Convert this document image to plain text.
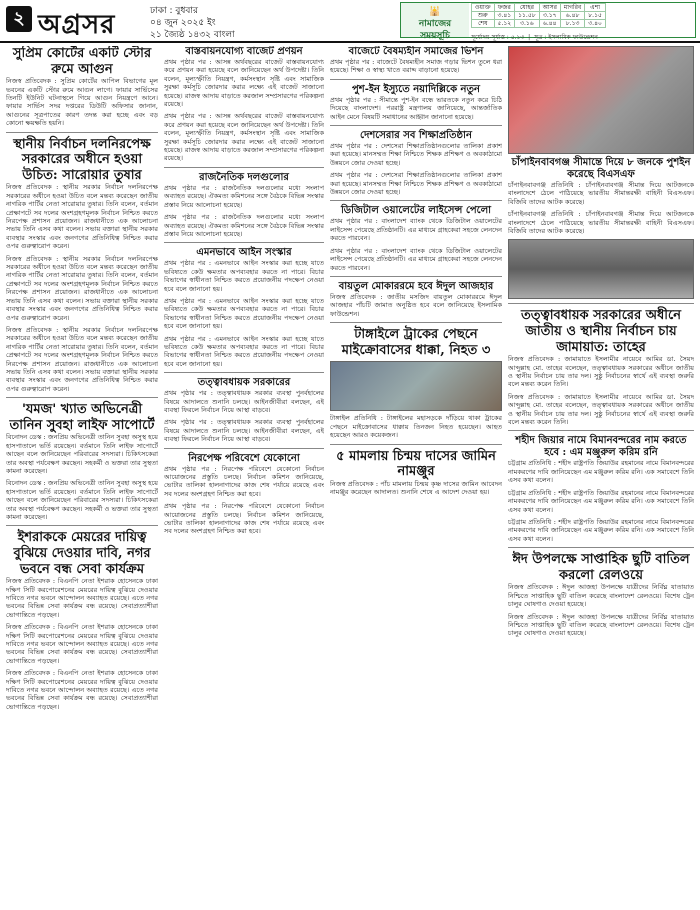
২ অগ্রসর	ঢাকা : বুধবার
০৪ জুন ২০২৫ ইং
২১ জ্যৈষ্ঠ ১৪৩২ বাংলা
🕌
নামাজের
সময়সূচি
ওয়াক্ত	ফজর	যোহর	আসর	মাগরিব	এশা
শুরু	৩.৪১	১১.৫৮	৩.১৭	৬.৪৮	৮.১৫
শেষ	৫.১২	৩.১৬	৬.৪৪	৮.১৩	৩.৪০
সূর্যোদয়-সূর্যাস্ত : ৫.১৩  |  সূত্র : ইসলামিক ফাউন্ডেশন
সুপ্রিম কোর্টের একটি স্টোর রুমে আগুন
নিজস্ব প্রতিবেদক : সুপ্রিম কোর্টের আপিল বিভাগের মূল ভবনের একটি স্টোর রুমে আগুন লাগে। ফায়ার সার্ভিসের তিনটি ইউনিট ঘটনাস্থলে গিয়ে আগুন নিয়ন্ত্রণে আনে। ফায়ার সার্ভিস সদর দপ্তরের ডিউটি অফিসার জানান, আগুনের সূত্রপাতের কারণ তদন্ত করা হচ্ছে এবং বড় কোনো ক্ষয়ক্ষতি হয়নি।
স্থানীয় নির্বাচন দলনিরপেক্ষ সরকারের অধীনে হওয়া উচিত: সারোয়ার তুষার
নিজস্ব প্রতিবেদক : স্থানীয় সরকার নির্বাচন দলনিরপেক্ষ সরকারের অধীনে হওয়া উচিত বলে মন্তব্য করেছেন জাতীয় নাগরিক পার্টির নেতা সারোয়ার তুষার। তিনি বলেন, বর্তমান প্রেক্ষাপটে সব দলের অংশগ্রহণমূলক নির্বাচন নিশ্চিত করতে নিরপেক্ষ প্রশাসন প্রয়োজন। রাজধানীতে এক আলোচনা সভায় তিনি এসব কথা বলেন। সভায় বক্তারা স্থানীয় সরকার ব্যবস্থার সংস্কার এবং জনগণের প্রতিনিধিত্ব নিশ্চিত করার ওপর গুরুত্বারোপ করেন।
নিজস্ব প্রতিবেদক : স্থানীয় সরকার নির্বাচন দলনিরপেক্ষ সরকারের অধীনে হওয়া উচিত বলে মন্তব্য করেছেন জাতীয় নাগরিক পার্টির নেতা সারোয়ার তুষার। তিনি বলেন, বর্তমান প্রেক্ষাপটে সব দলের অংশগ্রহণমূলক নির্বাচন নিশ্চিত করতে নিরপেক্ষ প্রশাসন প্রয়োজন। রাজধানীতে এক আলোচনা সভায় তিনি এসব কথা বলেন। সভায় বক্তারা স্থানীয় সরকার ব্যবস্থার সংস্কার এবং জনগণের প্রতিনিধিত্ব নিশ্চিত করার ওপর গুরুত্বারোপ করেন।
নিজস্ব প্রতিবেদক : স্থানীয় সরকার নির্বাচন দলনিরপেক্ষ সরকারের অধীনে হওয়া উচিত বলে মন্তব্য করেছেন জাতীয় নাগরিক পার্টির নেতা সারোয়ার তুষার। তিনি বলেন, বর্তমান প্রেক্ষাপটে সব দলের অংশগ্রহণমূলক নির্বাচন নিশ্চিত করতে নিরপেক্ষ প্রশাসন প্রয়োজন। রাজধানীতে এক আলোচনা সভায় তিনি এসব কথা বলেন। সভায় বক্তারা স্থানীয় সরকার ব্যবস্থার সংস্কার এবং জনগণের প্রতিনিধিত্ব নিশ্চিত করার ওপর গুরুত্বারোপ করেন।
'যমজ' খ্যাত অভিনেত্রী তানিন সুবহা লাইফ সাপোর্টে
বিনোদন ডেস্ক : জনপ্রিয় অভিনেত্রী তানিন সুবহা অসুস্থ হয়ে হাসপাতালে ভর্তি রয়েছেন। বর্তমানে তিনি লাইফ সাপোর্টে আছেন বলে জানিয়েছেন পরিবারের সদস্যরা। চিকিৎসকেরা তার অবস্থা পর্যবেক্ষণ করছেন। সহকর্মী ও ভক্তরা তার সুস্থতা কামনা করেছেন।
বিনোদন ডেস্ক : জনপ্রিয় অভিনেত্রী তানিন সুবহা অসুস্থ হয়ে হাসপাতালে ভর্তি রয়েছেন। বর্তমানে তিনি লাইফ সাপোর্টে আছেন বলে জানিয়েছেন পরিবারের সদস্যরা। চিকিৎসকেরা তার অবস্থা পর্যবেক্ষণ করছেন। সহকর্মী ও ভক্তরা তার সুস্থতা কামনা করেছেন।
ইশরাককে মেয়রের দায়িত্ব বুঝিয়ে দেওয়ার দাবি, নগর ভবনে বন্ধ সেবা কার্যক্রম
নিজস্ব প্রতিবেদক : বিএনপি নেতা ইশরাক হোসেনকে ঢাকা দক্ষিণ সিটি করপোরেশনের মেয়রের দায়িত্ব বুঝিয়ে দেওয়ার দাবিতে নগর ভবনে আন্দোলন অব্যাহত রয়েছে। এতে নগর ভবনের বিভিন্ন সেবা কার্যক্রম বন্ধ রয়েছে। সেবাপ্রত্যাশীরা ভোগান্তিতে পড়ছেন।
নিজস্ব প্রতিবেদক : বিএনপি নেতা ইশরাক হোসেনকে ঢাকা দক্ষিণ সিটি করপোরেশনের মেয়রের দায়িত্ব বুঝিয়ে দেওয়ার দাবিতে নগর ভবনে আন্দোলন অব্যাহত রয়েছে। এতে নগর ভবনের বিভিন্ন সেবা কার্যক্রম বন্ধ রয়েছে। সেবাপ্রত্যাশীরা ভোগান্তিতে পড়ছেন।
নিজস্ব প্রতিবেদক : বিএনপি নেতা ইশরাক হোসেনকে ঢাকা দক্ষিণ সিটি করপোরেশনের মেয়রের দায়িত্ব বুঝিয়ে দেওয়ার দাবিতে নগর ভবনে আন্দোলন অব্যাহত রয়েছে। এতে নগর ভবনের বিভিন্ন সেবা কার্যক্রম বন্ধ রয়েছে। সেবাপ্রত্যাশীরা ভোগান্তিতে পড়ছেন।
বাস্তবায়নযোগ্য বাজেট প্রণয়ন
প্রথম পৃষ্ঠার পর : আসন্ন অর্থবছরের বাজেট বাস্তবায়নযোগ্য করে প্রণয়ন করা হয়েছে বলে জানিয়েছেন অর্থ উপদেষ্টা। তিনি বলেন, মূল্যস্ফীতি নিয়ন্ত্রণ, কর্মসংস্থান সৃষ্টি এবং সামাজিক সুরক্ষা কর্মসূচি জোরদার করার লক্ষ্যে এই বাজেট সাজানো হয়েছে। রাজস্ব আদায় বাড়াতে করজাল সম্প্রসারণের পরিকল্পনা রয়েছে।
প্রথম পৃষ্ঠার পর : আসন্ন অর্থবছরের বাজেট বাস্তবায়নযোগ্য করে প্রণয়ন করা হয়েছে বলে জানিয়েছেন অর্থ উপদেষ্টা। তিনি বলেন, মূল্যস্ফীতি নিয়ন্ত্রণ, কর্মসংস্থান সৃষ্টি এবং সামাজিক সুরক্ষা কর্মসূচি জোরদার করার লক্ষ্যে এই বাজেট সাজানো হয়েছে। রাজস্ব আদায় বাড়াতে করজাল সম্প্রসারণের পরিকল্পনা রয়েছে।
রাজনৈতিক দলগুলোর
প্রথম পৃষ্ঠার পর : রাজনৈতিক দলগুলোর মধ্যে সংলাপ অব্যাহত রয়েছে। ঐকমত্য কমিশনের সঙ্গে বৈঠকে বিভিন্ন সংস্কার প্রস্তাব নিয়ে আলোচনা হয়েছে।
প্রথম পৃষ্ঠার পর : রাজনৈতিক দলগুলোর মধ্যে সংলাপ অব্যাহত রয়েছে। ঐকমত্য কমিশনের সঙ্গে বৈঠকে বিভিন্ন সংস্কার প্রস্তাব নিয়ে আলোচনা হয়েছে।
এমনভাবে আইন সংস্কার
প্রথম পৃষ্ঠার পর : এমনভাবে আইন সংস্কার করা হচ্ছে যাতে ভবিষ্যতে কেউ ক্ষমতার অপব্যবহার করতে না পারে। বিচার বিভাগের স্বাধীনতা নিশ্চিত করতে প্রয়োজনীয় পদক্ষেপ নেওয়া হবে বলে জানানো হয়।
প্রথম পৃষ্ঠার পর : এমনভাবে আইন সংস্কার করা হচ্ছে যাতে ভবিষ্যতে কেউ ক্ষমতার অপব্যবহার করতে না পারে। বিচার বিভাগের স্বাধীনতা নিশ্চিত করতে প্রয়োজনীয় পদক্ষেপ নেওয়া হবে বলে জানানো হয়।
প্রথম পৃষ্ঠার পর : এমনভাবে আইন সংস্কার করা হচ্ছে যাতে ভবিষ্যতে কেউ ক্ষমতার অপব্যবহার করতে না পারে। বিচার বিভাগের স্বাধীনতা নিশ্চিত করতে প্রয়োজনীয় পদক্ষেপ নেওয়া হবে বলে জানানো হয়।
তত্ত্বাবধায়ক সরকারের
প্রথম পৃষ্ঠার পর : তত্ত্বাবধায়ক সরকার ব্যবস্থা পুনর্বহালের বিষয়ে আদালতে শুনানি চলছে। আইনজীবীরা বলছেন, এই ব্যবস্থা ফিরলে নির্বাচন নিয়ে আস্থা বাড়বে।
প্রথম পৃষ্ঠার পর : তত্ত্বাবধায়ক সরকার ব্যবস্থা পুনর্বহালের বিষয়ে আদালতে শুনানি চলছে। আইনজীবীরা বলছেন, এই ব্যবস্থা ফিরলে নির্বাচন নিয়ে আস্থা বাড়বে।
নিরপেক্ষ পরিবেশে যেকোনো
প্রথম পৃষ্ঠার পর : নিরপেক্ষ পরিবেশে যেকোনো নির্বাচন আয়োজনের প্রস্তুতি চলছে। নির্বাচন কমিশন জানিয়েছে, ভোটার তালিকা হালনাগাদের কাজ শেষ পর্যায়ে রয়েছে এবং সব দলের অংশগ্রহণ নিশ্চিত করা হবে।
প্রথম পৃষ্ঠার পর : নিরপেক্ষ পরিবেশে যেকোনো নির্বাচন আয়োজনের প্রস্তুতি চলছে। নির্বাচন কমিশন জানিয়েছে, ভোটার তালিকা হালনাগাদের কাজ শেষ পর্যায়ে রয়েছে এবং সব দলের অংশগ্রহণ নিশ্চিত করা হবে।
বাজেটে বৈষম্যহীন সমাজের ভিশন
প্রথম পৃষ্ঠার পর : বাজেটে বৈষম্যহীন সমাজ গড়ার ভিশন তুলে ধরা হয়েছে। শিক্ষা ও স্বাস্থ্য খাতে বরাদ্দ বাড়ানো হয়েছে।
পুশ-ইন ইস্যুতে নয়াদিল্লিকে নতুন
প্রথম পৃষ্ঠার পর : সীমান্তে পুশ-ইন বন্ধে ভারতকে নতুন করে চিঠি দিয়েছে বাংলাদেশ। পররাষ্ট্র মন্ত্রণালয় জানিয়েছে, আন্তর্জাতিক আইন মেনে বিষয়টি সমাধানের আহ্বান জানানো হয়েছে।
দেশসেরার সব শিক্ষাপ্রতিষ্ঠান
প্রথম পৃষ্ঠার পর : দেশসেরা শিক্ষাপ্রতিষ্ঠানগুলোর তালিকা প্রকাশ করা হয়েছে। মানসম্মত শিক্ষা নিশ্চিতে শিক্ষক প্রশিক্ষণ ও অবকাঠামো উন্নয়নে জোর দেওয়া হচ্ছে।
প্রথম পৃষ্ঠার পর : দেশসেরা শিক্ষাপ্রতিষ্ঠানগুলোর তালিকা প্রকাশ করা হয়েছে। মানসম্মত শিক্ষা নিশ্চিতে শিক্ষক প্রশিক্ষণ ও অবকাঠামো উন্নয়নে জোর দেওয়া হচ্ছে।
ডিজিটাল ওয়ালেটের লাইসেন্স পেলো
প্রথম পৃষ্ঠার পর : বাংলাদেশ ব্যাংক থেকে ডিজিটাল ওয়ালেটের লাইসেন্স পেয়েছে প্রতিষ্ঠানটি। এর মাধ্যমে গ্রাহকেরা সহজে লেনদেন করতে পারবেন।
প্রথম পৃষ্ঠার পর : বাংলাদেশ ব্যাংক থেকে ডিজিটাল ওয়ালেটের লাইসেন্স পেয়েছে প্রতিষ্ঠানটি। এর মাধ্যমে গ্রাহকেরা সহজে লেনদেন করতে পারবেন।
বায়তুল মোকাররমে হবে ঈদুল আজহার
নিজস্ব প্রতিবেদক : জাতীয় মসজিদ বায়তুল মোকাররমে ঈদুল আজহার পাঁচটি জামাত অনুষ্ঠিত হবে বলে জানিয়েছে ইসলামিক ফাউন্ডেশন।
টাঙ্গাইলে ট্রাকের পেছনে মাইক্রোবাসের ধাক্কা, নিহত ৩
টাঙ্গাইল প্রতিনিধি : টাঙ্গাইলের মহাসড়কে দাঁড়িয়ে থাকা ট্রাকের পেছনে মাইক্রোবাসের ধাক্কায় তিনজন নিহত হয়েছেন। আহত হয়েছেন আরও কয়েকজন।
৫ মামলায় চিন্ময় দাসের জামিন নামঞ্জুর
নিজস্ব প্রতিবেদক : পাঁচ মামলায় চিন্ময় কৃষ্ণ দাসের জামিন আবেদন নামঞ্জুর করেছেন আদালত। শুনানি শেষে এ আদেশ দেওয়া হয়।
চাঁপাইনবাবগঞ্জ সীমান্তে দিয়ে ৮ জনকে পুশইন করেছে বিএসএফ
চাঁপাইনবাবগঞ্জ প্রতিনিধি : চাঁপাইনবাবগঞ্জ সীমান্ত দিয়ে আটজনকে বাংলাদেশে ঠেলে পাঠিয়েছে ভারতীয় সীমান্তরক্ষী বাহিনী বিএসএফ। বিজিবি তাদের আটক করেছে।
চাঁপাইনবাবগঞ্জ প্রতিনিধি : চাঁপাইনবাবগঞ্জ সীমান্ত দিয়ে আটজনকে বাংলাদেশে ঠেলে পাঠিয়েছে ভারতীয় সীমান্তরক্ষী বাহিনী বিএসএফ। বিজিবি তাদের আটক করেছে।
তত্ত্বাবধায়ক সরকারের অধীনে জাতীয় ও স্থানীয় নির্বাচন চায় জামায়াত: তাহের
নিজস্ব প্রতিবেদক : জামায়াতে ইসলামীর নায়েবে আমির ডা. সৈয়দ আব্দুল্লাহ মো. তাহের বলেছেন, তত্ত্বাবধায়ক সরকারের অধীনে জাতীয় ও স্থানীয় নির্বাচন চায় তার দল। সুষ্ঠু নির্বাচনের স্বার্থে এই ব্যবস্থা জরুরি বলে মন্তব্য করেন তিনি।
নিজস্ব প্রতিবেদক : জামায়াতে ইসলামীর নায়েবে আমির ডা. সৈয়দ আব্দুল্লাহ মো. তাহের বলেছেন, তত্ত্বাবধায়ক সরকারের অধীনে জাতীয় ও স্থানীয় নির্বাচন চায় তার দল। সুষ্ঠু নির্বাচনের স্বার্থে এই ব্যবস্থা জরুরি বলে মন্তব্য করেন তিনি।
শহীদ জিয়ার নামে বিমানবন্দরের নাম করতে হবে : এম মঞ্জুরুল করিম রনি
চট্টগ্রাম প্রতিনিধি : শহীদ রাষ্ট্রপতি জিয়াউর রহমানের নামে বিমানবন্দরের নামকরণের দাবি জানিয়েছেন এম মঞ্জুরুল করিম রনি। এক সমাবেশে তিনি এসব কথা বলেন।
চট্টগ্রাম প্রতিনিধি : শহীদ রাষ্ট্রপতি জিয়াউর রহমানের নামে বিমানবন্দরের নামকরণের দাবি জানিয়েছেন এম মঞ্জুরুল করিম রনি। এক সমাবেশে তিনি এসব কথা বলেন।
চট্টগ্রাম প্রতিনিধি : শহীদ রাষ্ট্রপতি জিয়াউর রহমানের নামে বিমানবন্দরের নামকরণের দাবি জানিয়েছেন এম মঞ্জুরুল করিম রনি। এক সমাবেশে তিনি এসব কথা বলেন।
ঈদ উপলক্ষে সাপ্তাহিক ছুটি বাতিল করলো রেলওয়ে
নিজস্ব প্রতিবেদক : ঈদুল আজহা উপলক্ষে যাত্রীদের নির্বিঘ্ন যাতায়াত নিশ্চিতে সাপ্তাহিক ছুটি বাতিল করেছে বাংলাদেশ রেলওয়ে। বিশেষ ট্রেন চালুর ঘোষণাও দেওয়া হয়েছে।
নিজস্ব প্রতিবেদক : ঈদুল আজহা উপলক্ষে যাত্রীদের নির্বিঘ্ন যাতায়াত নিশ্চিতে সাপ্তাহিক ছুটি বাতিল করেছে বাংলাদেশ রেলওয়ে। বিশেষ ট্রেন চালুর ঘোষণাও দেওয়া হয়েছে।
